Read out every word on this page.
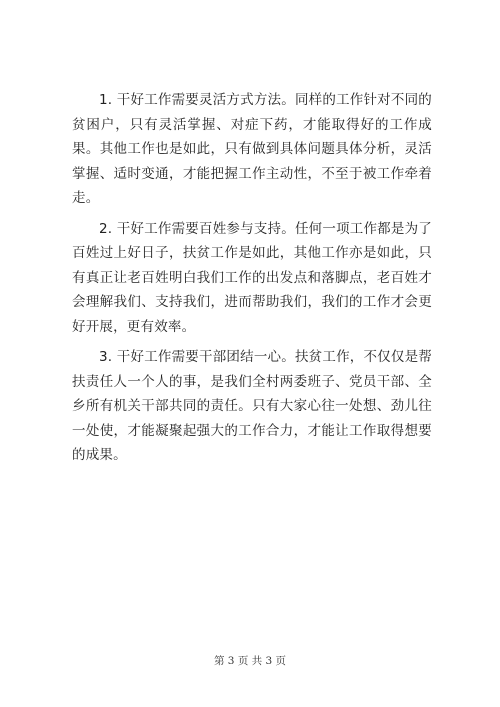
1. 干好工作需要灵活方式方法。同样的工作针对不同的贫困户，只有灵活掌握、对症下药，才能取得好的工作成果。其他工作也是如此，只有做到具体问题具体分析，灵活掌握、适时变通，才能把握工作主动性，不至于被工作牵着走。

2. 干好工作需要百姓参与支持。任何一项工作都是为了百姓过上好日子，扶贫工作是如此，其他工作亦是如此，只有真正让老百姓明白我们工作的出发点和落脚点，老百姓才会理解我们、支持我们，进而帮助我们，我们的工作才会更好开展，更有效率。

3. 干好工作需要干部团结一心。扶贫工作，不仅仅是帮扶责任人一个人的事，是我们全村两委班子、党员干部、全乡所有机关干部共同的责任。只有大家心往一处想、劲儿往一处使，才能凝聚起强大的工作合力，才能让工作取得想要的成果。

第 3 页 共 3 页
